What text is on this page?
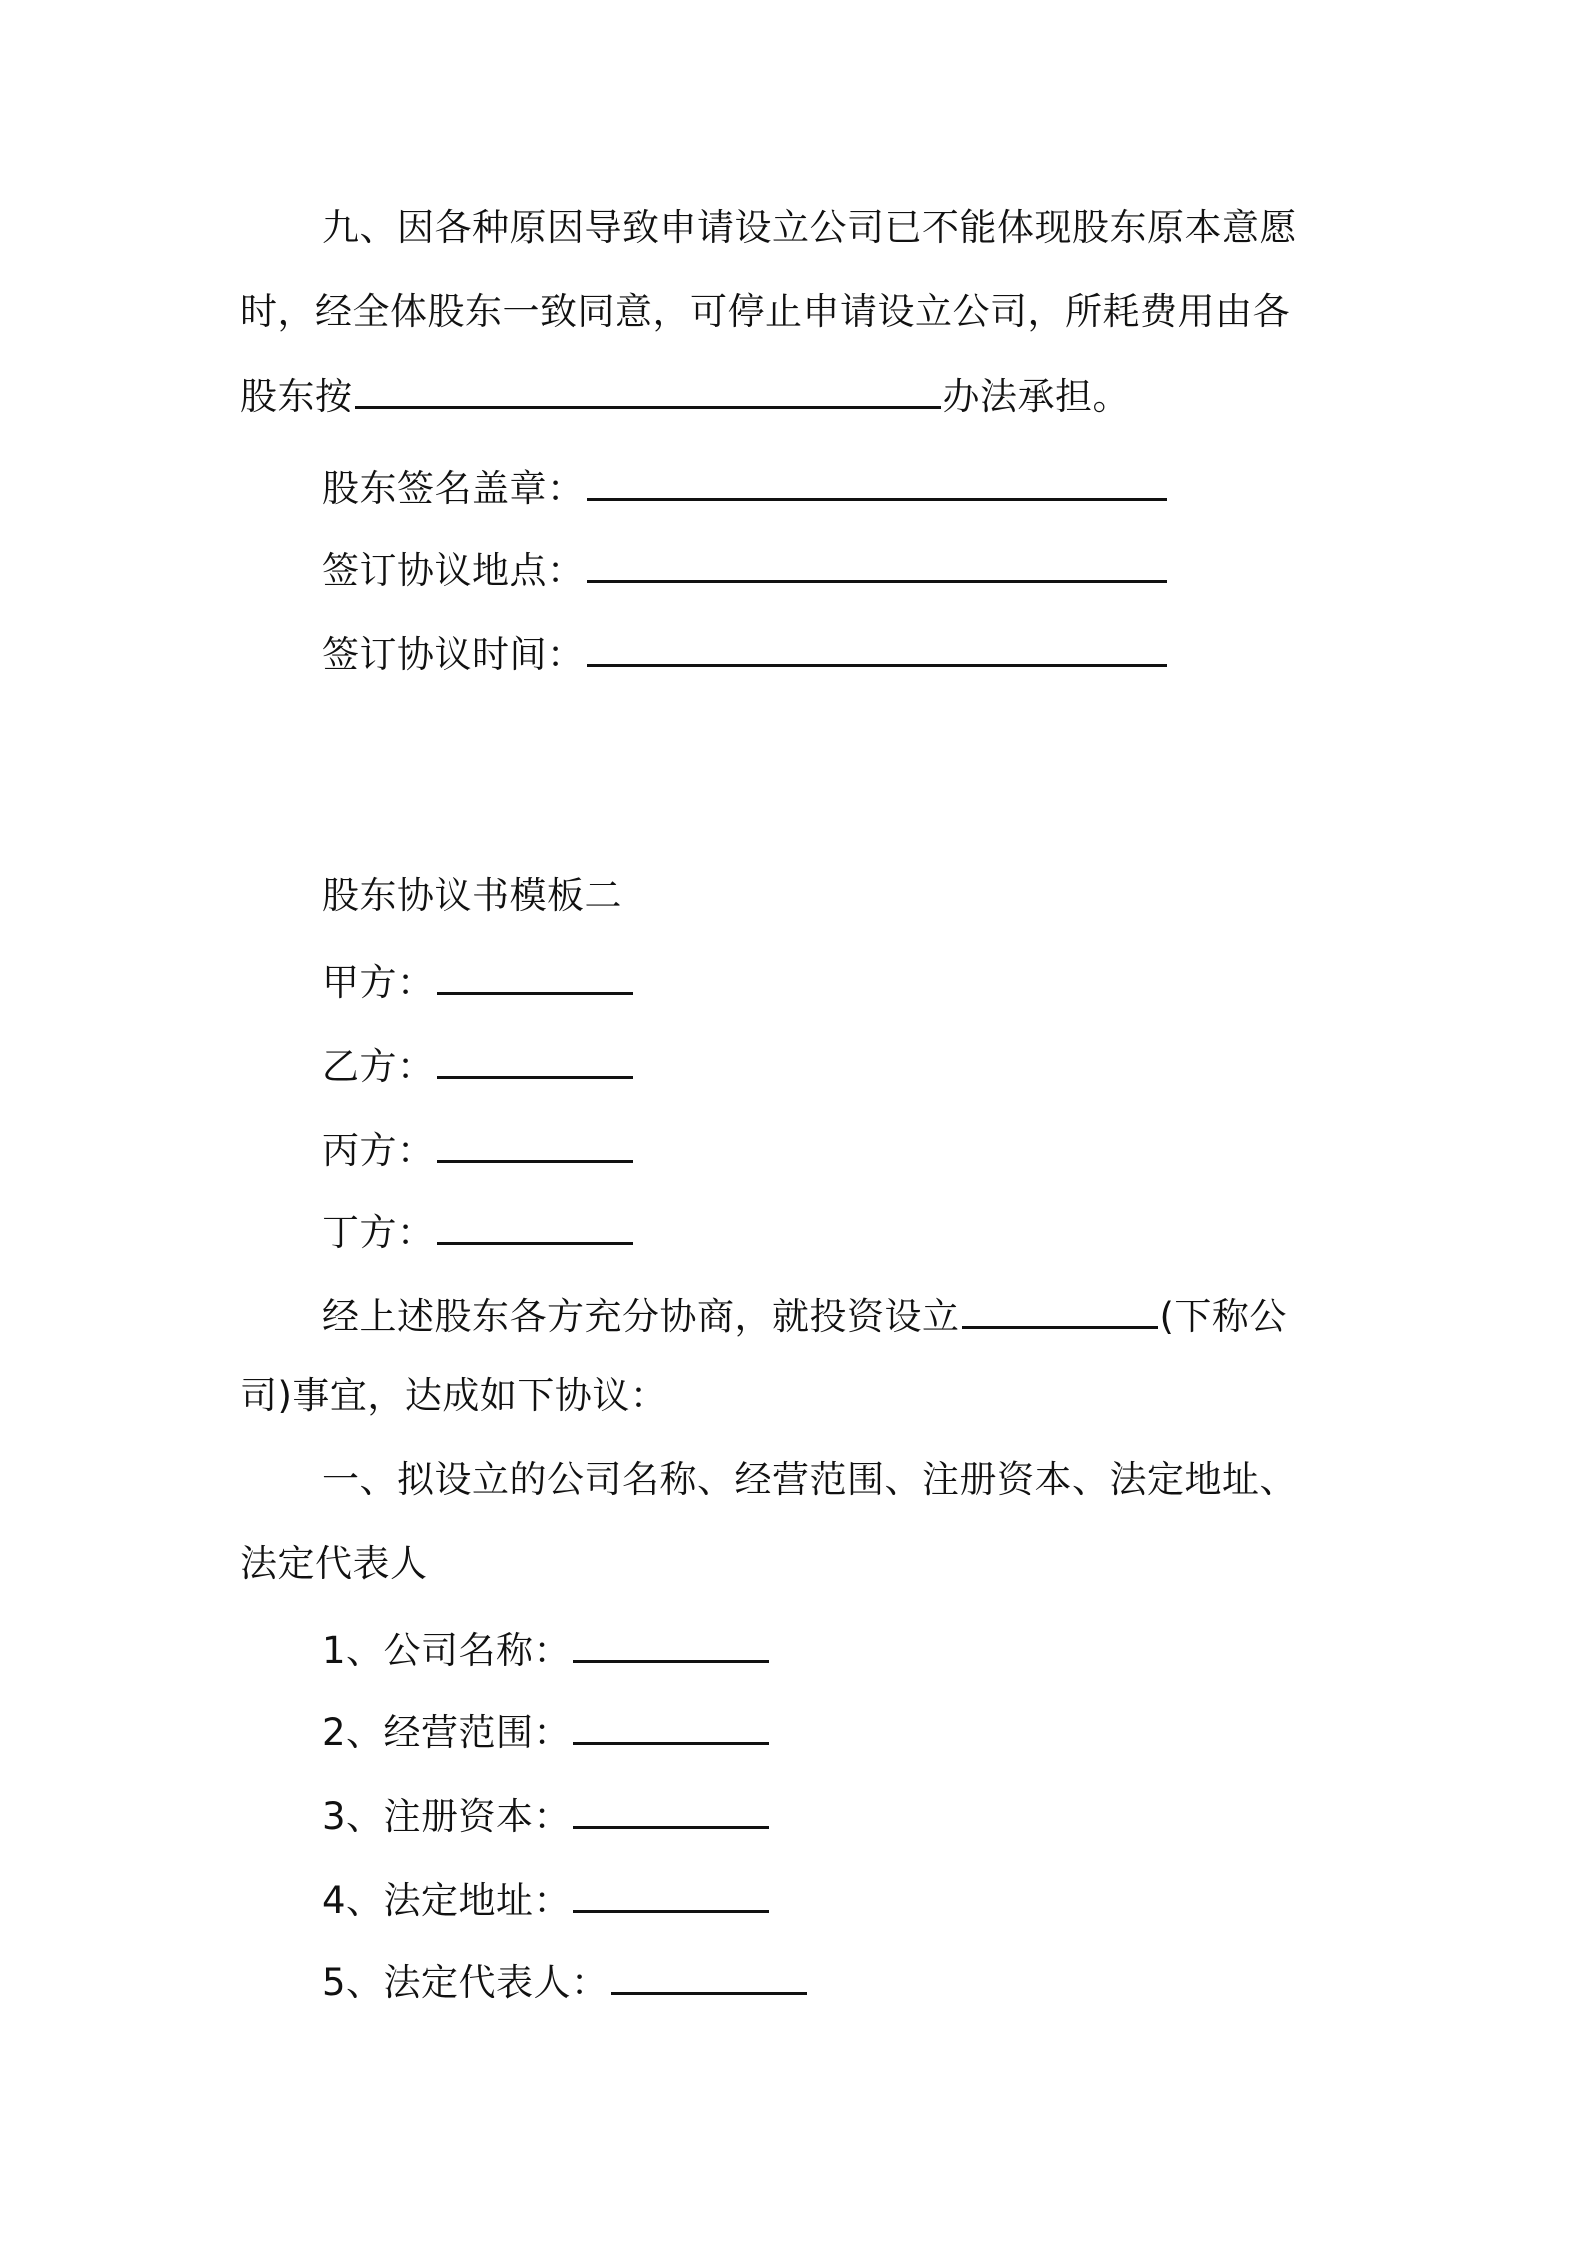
九、因各种原因导致申请设立公司已不能体现股东原本意愿
时，经全体股东一致同意，可停止申请设立公司，所耗费用由各
股东按	办法承担。
股东签名盖章：
签订协议地点：
签订协议时间：
股东协议书模板二
甲方：
乙方：
丙方：
丁方：
经上述股东各方充分协商，就投资设立	(下称公
司)事宜，达成如下协议：
一、拟设立的公司名称、经营范围、注册资本、法定地址、
法定代表人
1、公司名称：
2、经营范围：
3、注册资本：
4、法定地址：
5、法定代表人：
